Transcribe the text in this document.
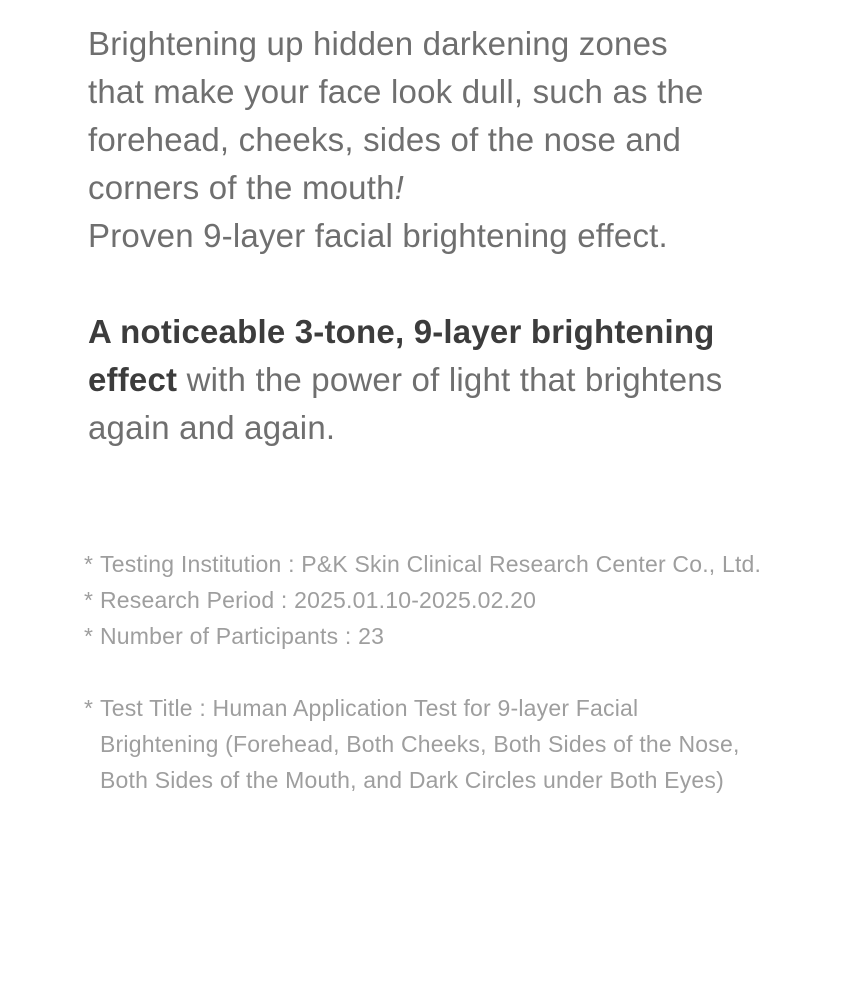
Brightening up hidden darkening zones
that make your face look dull, such as the
forehead, cheeks, sides of the nose and
corners of the mouth!
Proven 9-layer facial brightening effect.
A noticeable 3-tone, 9-layer brightening
effect with the power of light that brightens
again and again.
* Testing Institution : P&K Skin Clinical Research Center Co., Ltd.
* Research Period : 2025.01.10-2025.02.20
* Number of Participants : 23
* Test Title : Human Application Test for 9-layer Facial
Brightening (Forehead, Both Cheeks, Both Sides of the Nose,
Both Sides of the Mouth, and Dark Circles under Both Eyes)
